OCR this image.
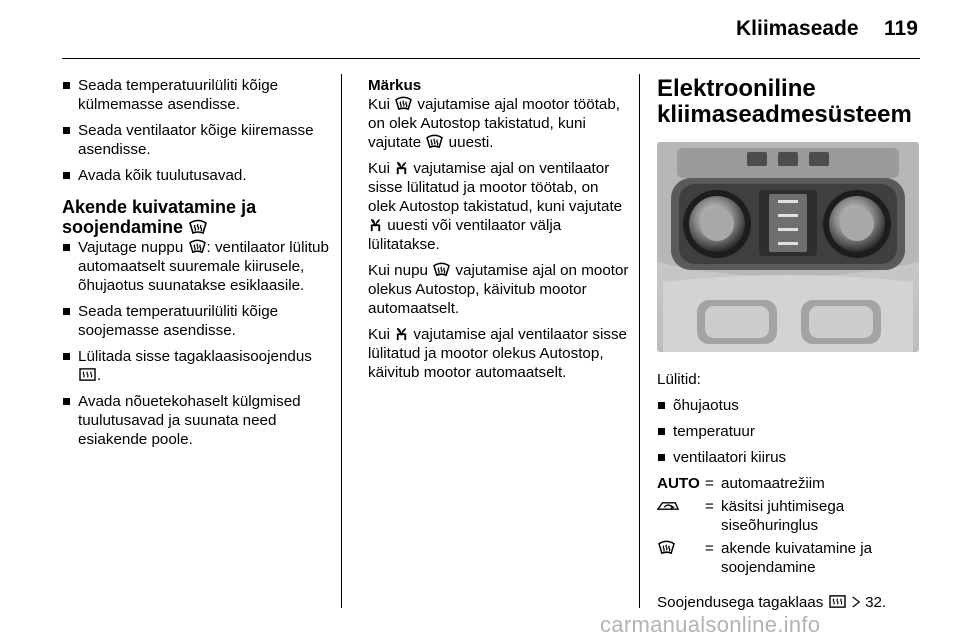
Kliimaseade 119
Seada temperatuurilüliti kõige külmemasse asendisse.
Seada ventilaator kõige kiiremasse asendisse.
Avada kõik tuulutusavad.
Akende kuivatamine ja soojendamine
Vajutage nuppu : ventilaator lülitub automaatselt suuremale kiirusele, õhujaotus suunatakse esiklaasile.
Seada temperatuurilüliti kõige soojemasse asendisse.
Lülitada sisse tagaklaasisoojendus .
Avada nõuetekohaselt külgmised tuulutusavad ja suunata need esiakende poole.
Märkus

Kui vajutamise ajal mootor töötab, on olek Autostop takistatud, kuni vajutate uuesti.

Kui vajutamise ajal on ventilaator sisse lülitatud ja mootor töötab, on olek Autostop takistatud, kuni vajutate  uuesti või ventilaator välja lülitatakse.

Kui nupu vajutamise ajal on mootor olekus Autostop, käivitub mootor automaatselt.

Kui vajutamise ajal ventilaator sisse lülitatud ja mootor olekus Autostop, käivitub mootor automaatselt.

Elektrooniline kliimaseadmesüsteem
Lülitid:
õhujaotus
temperatuur
ventilaatori kiirus
AUTO = automaatrežiim
= käsitsi juhtimisega siseõhuringlus
= akende kuivatamine ja soojendamine
Soojendusega tagaklaas	32.
carmanualsonline.info
